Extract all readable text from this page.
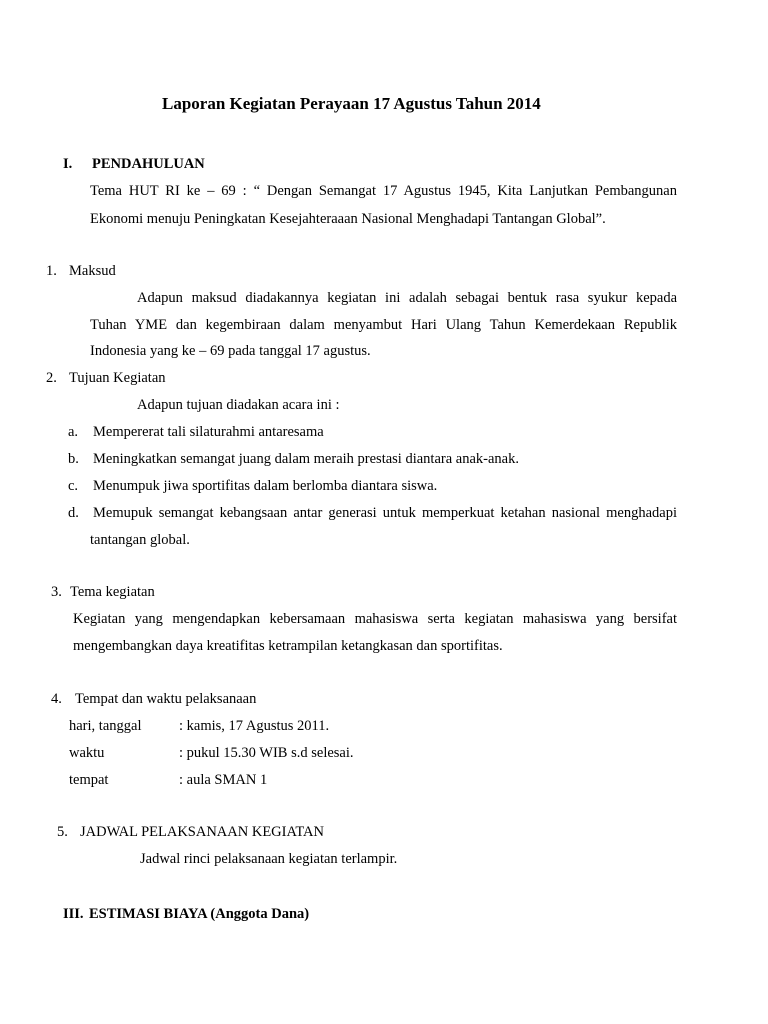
Laporan Kegiatan Perayaan 17 Agustus Tahun 2014
I. PENDAHULUAN
Tema HUT RI ke – 69 : “ Dengan Semangat 17 Agustus 1945, Kita Lanjutkan Pembangunan
Ekonomi menuju Peningkatan Kesejahteraaan Nasional Menghadapi Tantangan Global”.
1. Maksud
Adapun maksud diadakannya kegiatan ini adalah sebagai bentuk rasa syukur kepada
Tuhan YME dan kegembiraan dalam menyambut Hari Ulang Tahun Kemerdekaan Republik
Indonesia yang ke – 69 pada tanggal 17 agustus.
2. Tujuan Kegiatan
Adapun tujuan diadakan acara ini :
a. Mempererat tali silaturahmi antaresama
b. Meningkatkan semangat juang dalam meraih prestasi diantara anak-anak.
c. Menumpuk jiwa sportifitas dalam berlomba diantara siswa.
d. Memupuk semangat kebangsaan antar generasi untuk memperkuat ketahan nasional menghadapi
tantangan global.
3. Tema kegiatan
Kegiatan yang mengendapkan kebersamaan mahasiswa serta kegiatan mahasiswa yang bersifat
mengembangkan daya kreatifitas ketrampilan ketangkasan dan sportifitas.
4. Tempat dan waktu pelaksanaan
hari, tanggal	: kamis, 17 Agustus 2011.
waktu	: pukul 15.30 WIB s.d selesai.
tempat	: aula SMAN 1
5. JADWAL PELAKSANAAN KEGIATAN
Jadwal rinci pelaksanaan kegiatan terlampir.
III. ESTIMASI BIAYA (Anggota Dana)
